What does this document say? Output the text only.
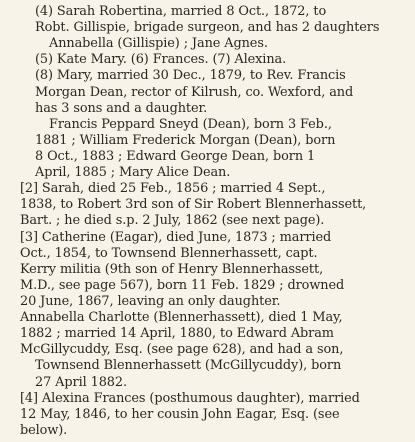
(4) Sarah Robertina, married 8 Oct., 1872, to
Robt. Gillispie, brigade surgeon, and has 2 daughters
Annabella (Gillispie) ; Jane Agnes.
(5) Kate Mary. (6) Frances. (7) Alexina.
(8) Mary, married 30 Dec., 1879, to Rev. Francis
Morgan Dean, rector of Kilrush, co. Wexford, and
has 3 sons and a daughter.
Francis Peppard Sneyd (Dean), born 3 Feb.,
1881 ; William Frederick Morgan (Dean), born
8 Oct., 1883 ; Edward George Dean, born 1
April, 1885 ; Mary Alice Dean.
[2] Sarah, died 25 Feb., 1856 ; married 4 Sept.,
1838, to Robert 3rd son of Sir Robert Blennerhassett,
Bart. ; he died s.p. 2 July, 1862 (see next page).
[3] Catherine (Eagar), died June, 1873 ; married
Oct., 1854, to Townsend Blennerhassett, capt.
Kerry militia (9th son of Henry Blennerhassett,
M.D., see page 567), born 11 Feb. 1829 ; drowned
20 June, 1867, leaving an only daughter.
Annabella Charlotte (Blennerhassett), died 1 May,
1882 ; married 14 April, 1880, to Edward Abram
McGillycuddy, Esq. (see page 628), and had a son,
Townsend Blennerhassett (McGillycuddy), born
27 April 1882.
[4] Alexina Frances (posthumous daughter), married
12 May, 1846, to her cousin John Eagar, Esq. (see
below).
